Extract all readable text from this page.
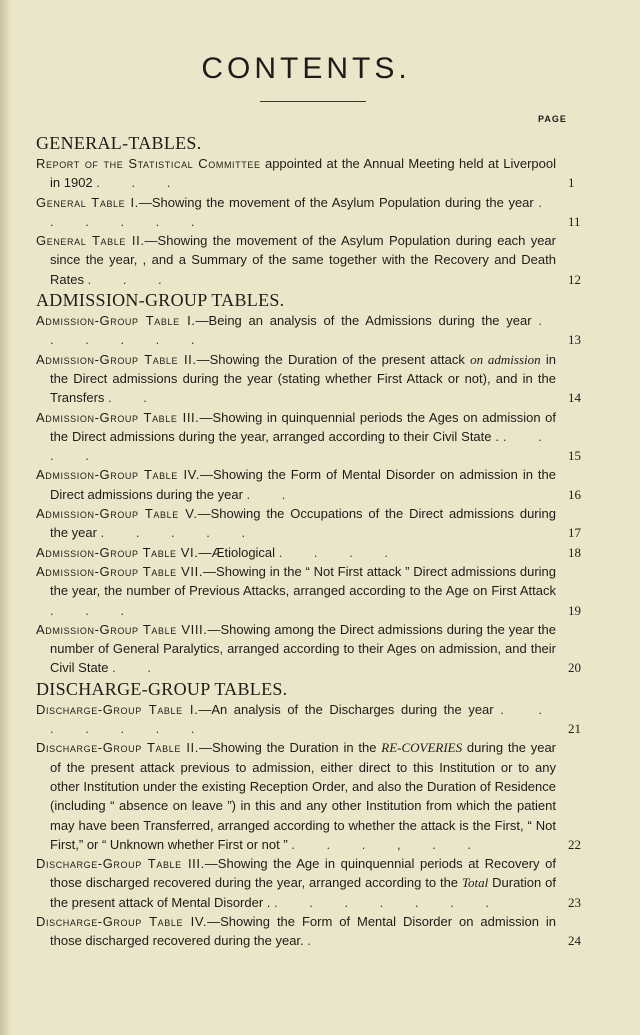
CONTENTS.
PAGE
GENERAL-TABLES.
Report of the Statistical Committee appointed at the Annual Meeting held at Liverpool in 1902 . . .	1
General Table I.—Showing the movement of the Asylum Population during the year . . . . . .	11
General Table II.—Showing the movement of the Asylum Population during each year since the year, , and a Summary of the same together with the Recovery and Death Rates . . .	12
ADMISSION-GROUP TABLES.
Admission-Group Table I.—Being an analysis of the Admissions during the year . . . . . .	13
Admission-Group Table II.—Showing the Duration of the present attack on admission in the Direct admissions during the year (stating whether First Attack or not), and in the Transfers . .	14
Admission-Group Table III.—Showing in quinquennial periods the Ages on admission of the Direct admissions during the year, arranged according to their Civil State . . . . .	15
Admission-Group Table IV.—Showing the Form of Mental Disorder on admission in the Direct admissions during the year . .	16
Admission-Group Table V.—Showing the Occupations of the Direct admissions during the year . . . . .	17
Admission-Group Table VI.—Ætiological . . . .	18
Admission-Group Table VII.—Showing in the “ Not First attack ” Direct admissions during the year, the number of Previous Attacks, arranged according to the Age on First Attack . . .	19
Admission-Group Table VIII.—Showing among the Direct admissions during the year the number of General Paralytics, arranged according to their Ages on admission, and their Civil State . .	20
DISCHARGE-GROUP TABLES.
Discharge-Group Table I.—An analysis of the Discharges during the year . . . . . . .	21
Discharge-Group Table II.—Showing the Duration in the RE-COVERIES during the year of the present attack previous to admission, either direct to this Institution or to any other Institution under the existing Reception Order, and also the Duration of Residence (including “ absence on leave ”) in this and any other Institution from which the patient may have been Transferred, arranged according to whether the attack is the First, “ Not First,” or “ Unknown whether First or not ” . . . , . .	22
Discharge-Group Table III.—Showing the Age in quinquennial periods at Recovery of those discharged recovered during the year, arranged according to the Total Duration of the present attack of Mental Disorder . . . . . . . .	23
Discharge-Group Table IV.—Showing the Form of Mental Disorder on admission in those discharged recovered during the year. .	24
